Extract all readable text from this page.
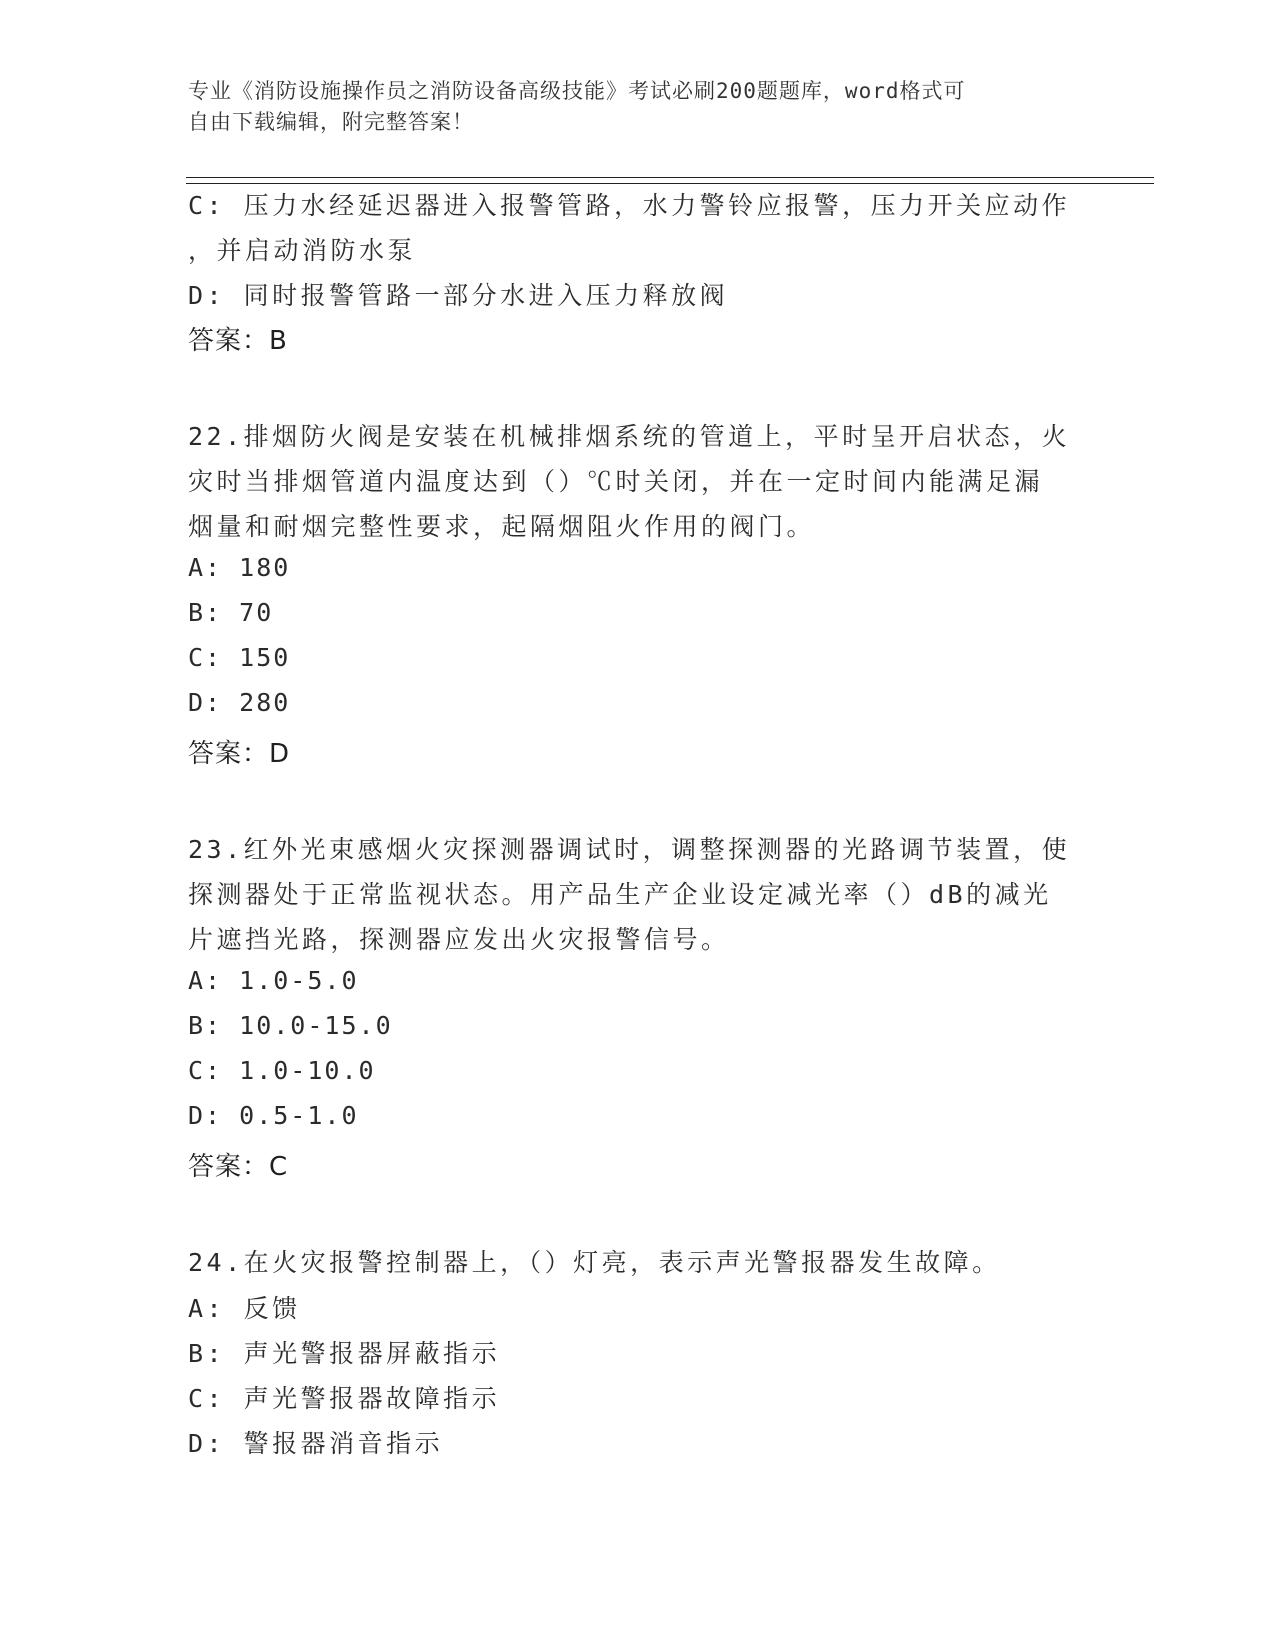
专业《消防设施操作员之消防设备高级技能》考试必刷200题题库，word格式可
自由下载编辑，附完整答案！
C: 压力水经延迟器进入报警管路，水力警铃应报警，压力开关应动作
，并启动消防水泵
D: 同时报警管路一部分水进入压力释放阀
答案：B
22.排烟防火阀是安装在机械排烟系统的管道上，平时呈开启状态，火
灾时当排烟管道内温度达到（）℃时关闭，并在一定时间内能满足漏
烟量和耐烟完整性要求，起隔烟阻火作用的阀门。
A: 180
B: 70
C: 150
D: 280
答案：D
23.红外光束感烟火灾探测器调试时，调整探测器的光路调节装置，使
探测器处于正常监视状态。用产品生产企业设定减光率（）dB的减光
片遮挡光路，探测器应发出火灾报警信号。
A: 1.0-5.0
B: 10.0-15.0
C: 1.0-10.0
D: 0.5-1.0
答案：C
24.在火灾报警控制器上，（）灯亮，表示声光警报器发生故障。
A: 反馈
B: 声光警报器屏蔽指示
C: 声光警报器故障指示
D: 警报器消音指示
